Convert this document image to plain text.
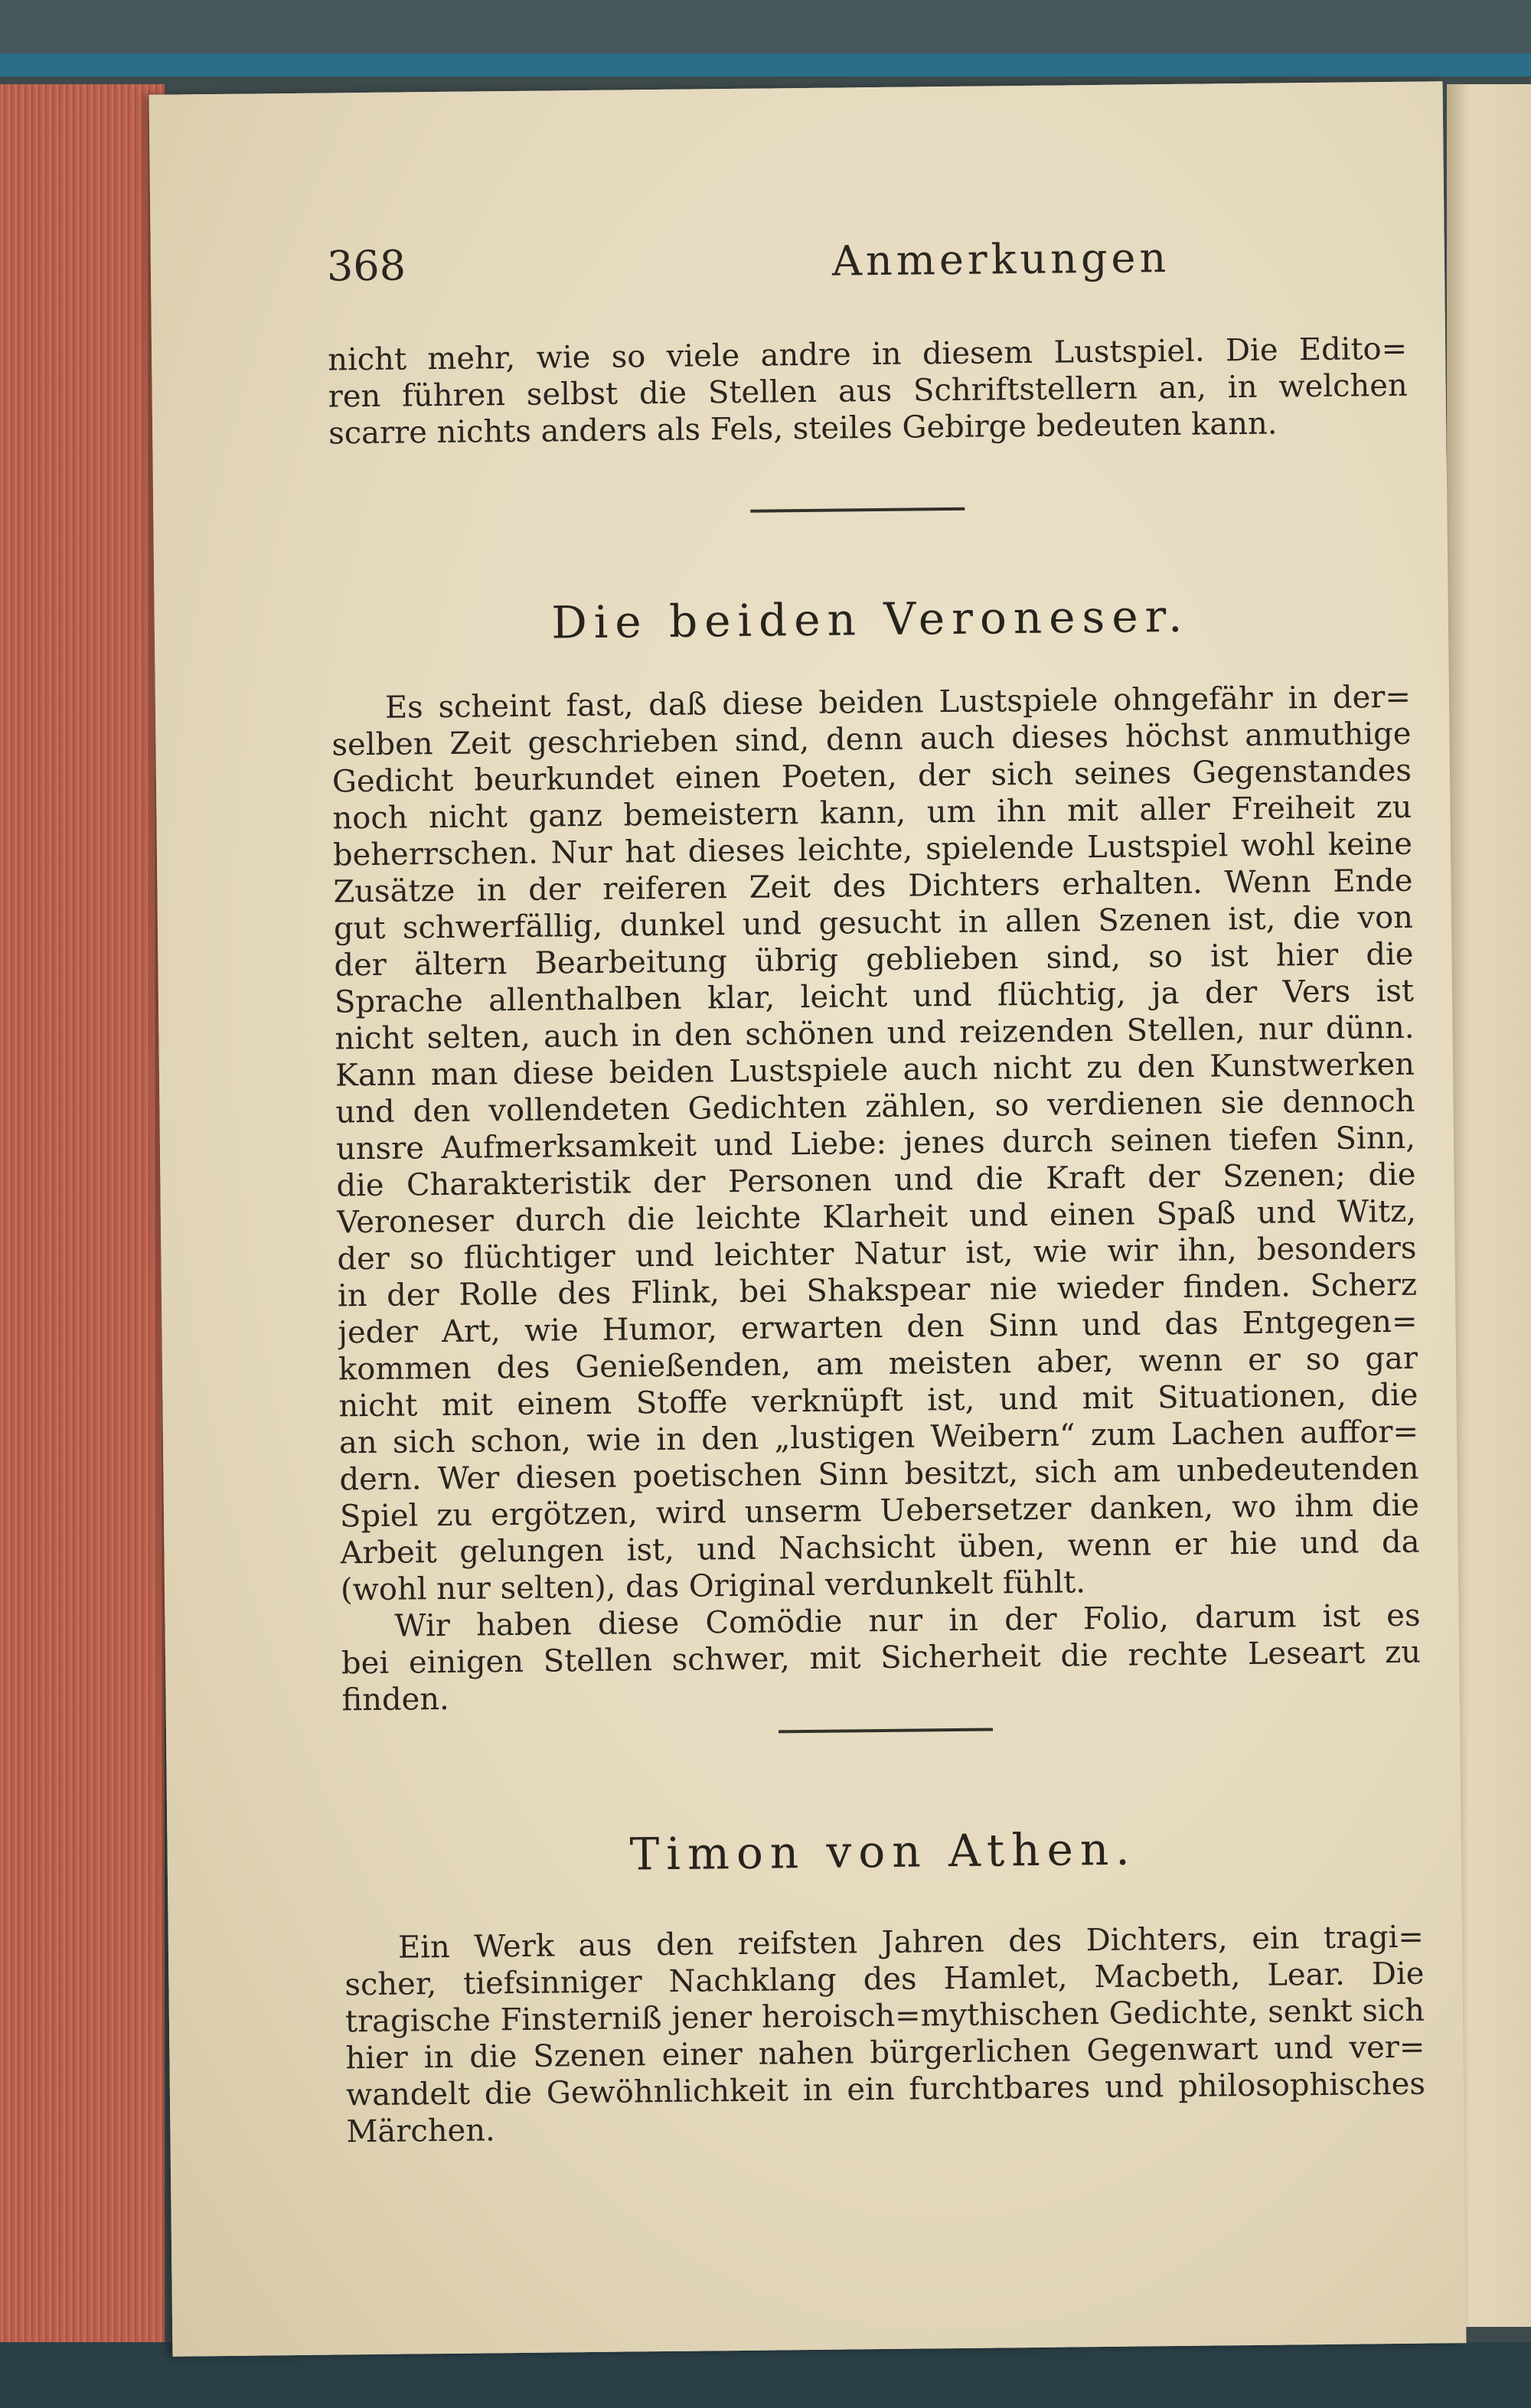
368	Anmerkungen
nicht mehr, wie so viele andre in diesem Lustspiel. Die Edito=
ren führen selbst die Stellen aus Schriftstellern an, in welchen
scarre nichts anders als Fels, steiles Gebirge bedeuten kann.
Die beiden Veroneser.
Es scheint fast, daß diese beiden Lustspiele ohngefähr in der=
selben Zeit geschrieben sind, denn auch dieses höchst anmuthige
Gedicht beurkundet einen Poeten, der sich seines Gegenstandes
noch nicht ganz bemeistern kann, um ihn mit aller Freiheit zu
beherrschen. Nur hat dieses leichte, spielende Lustspiel wohl keine
Zusätze in der reiferen Zeit des Dichters erhalten. Wenn Ende
gut schwerfällig, dunkel und gesucht in allen Szenen ist, die von
der ältern Bearbeitung übrig geblieben sind, so ist hier die
Sprache allenthalben klar, leicht und flüchtig, ja der Vers ist
nicht selten, auch in den schönen und reizenden Stellen, nur dünn.
Kann man diese beiden Lustspiele auch nicht zu den Kunstwerken
und den vollendeten Gedichten zählen, so verdienen sie dennoch
unsre Aufmerksamkeit und Liebe: jenes durch seinen tiefen Sinn,
die Charakteristik der Personen und die Kraft der Szenen; die
Veroneser durch die leichte Klarheit und einen Spaß und Witz,
der so flüchtiger und leichter Natur ist, wie wir ihn, besonders
in der Rolle des Flink, bei Shakspear nie wieder finden. Scherz
jeder Art, wie Humor, erwarten den Sinn und das Entgegen=
kommen des Genießenden, am meisten aber, wenn er so gar
nicht mit einem Stoffe verknüpft ist, und mit Situationen, die
an sich schon, wie in den „lustigen Weibern“ zum Lachen auffor=
dern. Wer diesen poetischen Sinn besitzt, sich am unbedeutenden
Spiel zu ergötzen, wird unserm Uebersetzer danken, wo ihm die
Arbeit gelungen ist, und Nachsicht üben, wenn er hie und da
(wohl nur selten), das Original verdunkelt fühlt.
Wir haben diese Comödie nur in der Folio, darum ist es
bei einigen Stellen schwer, mit Sicherheit die rechte Leseart zu
finden.
Timon von Athen.
Ein Werk aus den reifsten Jahren des Dichters, ein tragi=
scher, tiefsinniger Nachklang des Hamlet, Macbeth, Lear. Die
tragische Finsterniß jener heroisch=mythischen Gedichte, senkt sich
hier in die Szenen einer nahen bürgerlichen Gegenwart und ver=
wandelt die Gewöhnlichkeit in ein furchtbares und philosophisches
Märchen.
